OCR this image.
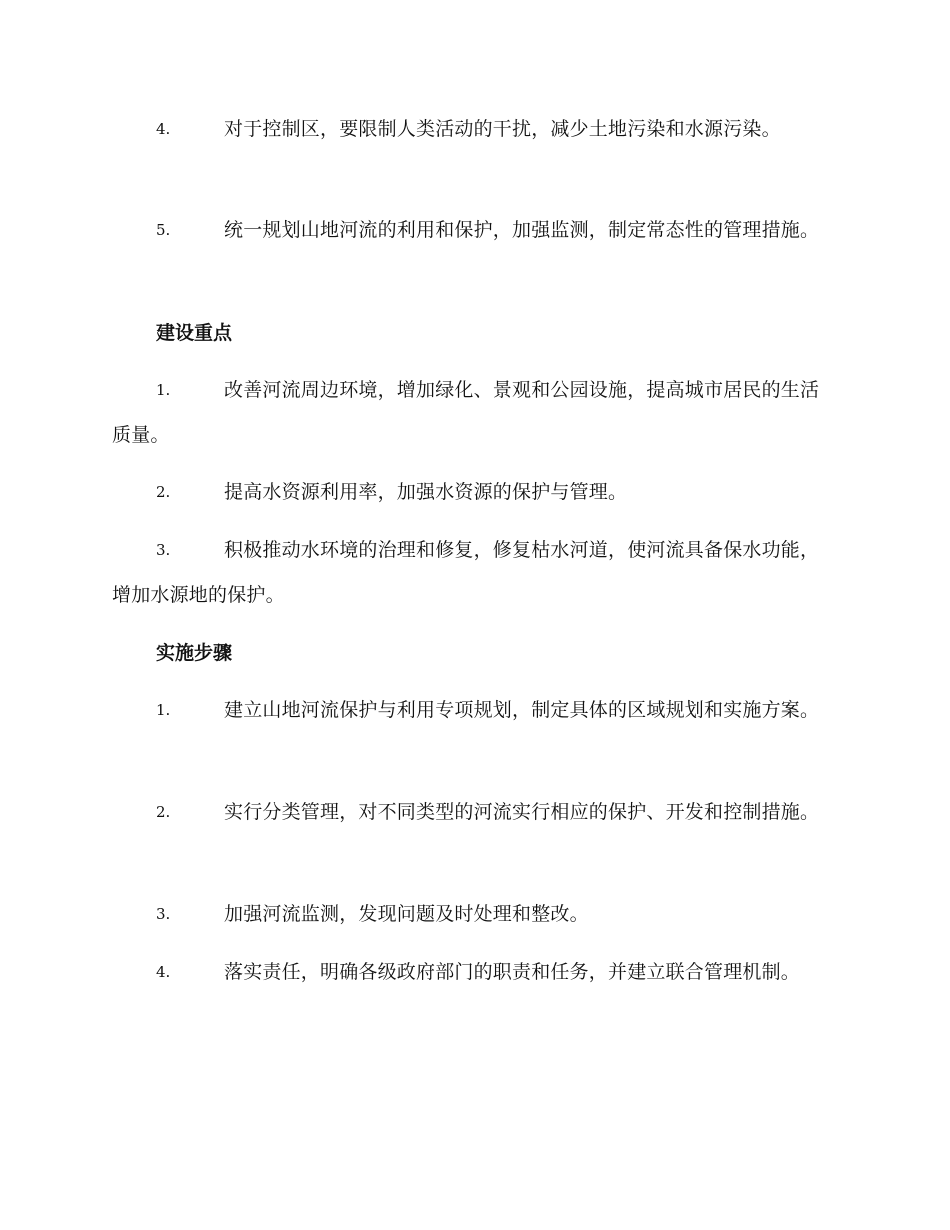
4.	对于控制区，要限制人类活动的干扰，减少土地污染和水源污染。

5.	统一规划山地河流的利用和保护，加强监测，制定常态性的管理措施。

建设重点

1.	改善河流周边环境，增加绿化、景观和公园设施，提高城市居民的生活质量。

2.	提高水资源利用率，加强水资源的保护与管理。

3.	积极推动水环境的治理和修复，修复枯水河道，使河流具备保水功能，增加水源地的保护。

实施步骤

1.	建立山地河流保护与利用专项规划，制定具体的区域规划和实施方案。

2.	实行分类管理，对不同类型的河流实行相应的保护、开发和控制措施。

3.	加强河流监测，发现问题及时处理和整改。

4.	落实责任，明确各级政府部门的职责和任务，并建立联合管理机制。
